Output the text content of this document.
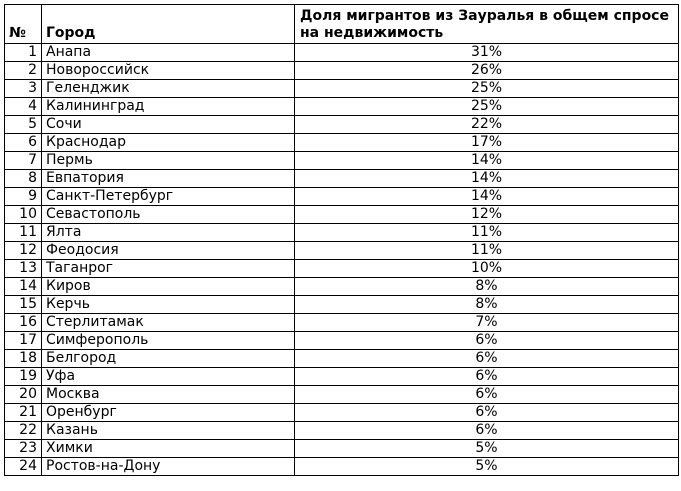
№	Город	Доля мигрантов из Зауралья в общем спросе на недвижимость
1	Анапа	31%
2	Новороссийск	26%
3	Геленджик	25%
4	Калининград	25%
5	Сочи	22%
6	Краснодар	17%
7	Пермь	14%
8	Евпатория	14%
9	Санкт-Петербург	14%
10	Севастополь	12%
11	Ялта	11%
12	Феодосия	11%
13	Таганрог	10%
14	Киров	8%
15	Керчь	8%
16	Стерлитамак	7%
17	Симферополь	6%
18	Белгород	6%
19	Уфа	6%
20	Москва	6%
21	Оренбург	6%
22	Казань	6%
23	Химки	5%
24	Ростов-на-Дону	5%
